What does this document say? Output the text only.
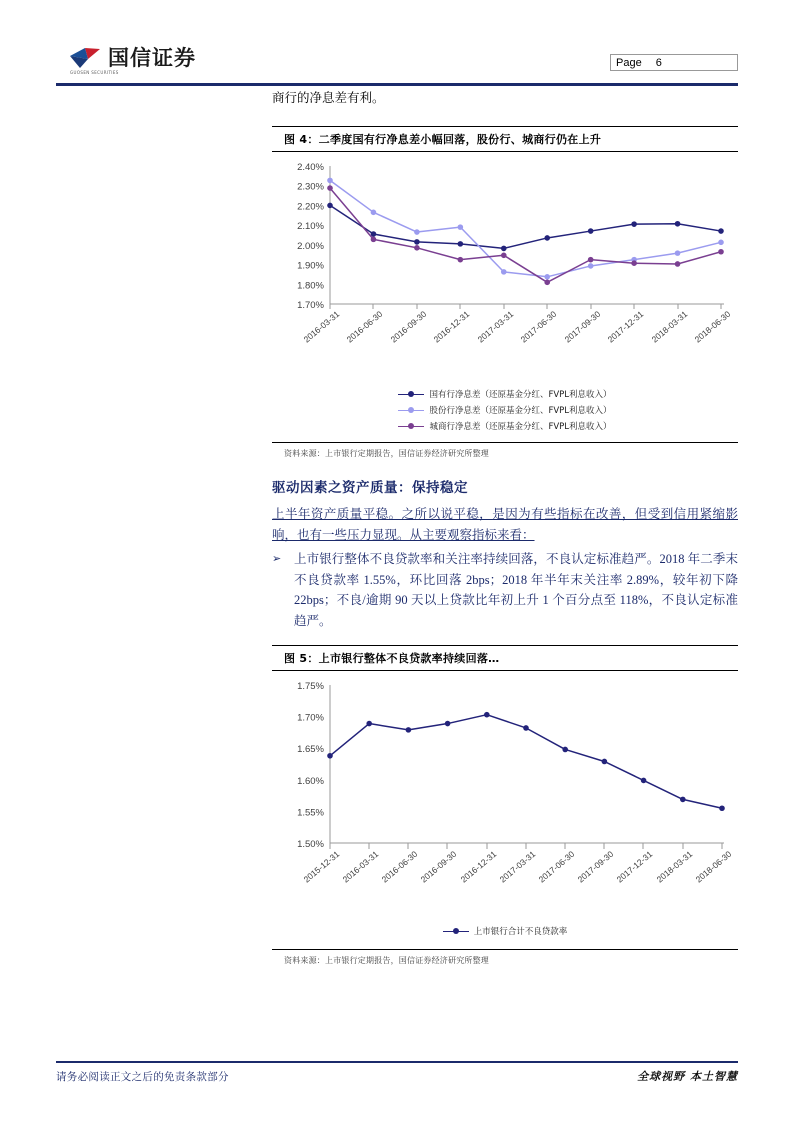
国信证券
GUOSEN SECURITIES
Page 6
商行的净息差有利。
图 4：二季度国有行净息差小幅回落，股份行、城商行仍在上升
2.40%
2.30%
2.20%
2.10%
2.00%
1.90%
1.80%
1.70%
2016-03-31 2016-06-30 2016-09-30 2016-12-31 2017-03-31 2017-06-30 2017-09-30 2017-12-31 2018-03-31 2018-06-30
国有行净息差（还原基金分红、FVPL利息收入）
股份行净息差（还原基金分红、FVPL利息收入）
城商行净息差（还原基金分红、FVPL利息收入）
资料来源：上市银行定期报告，国信证券经济研究所整理
驱动因素之资产质量：保持稳定
上半年资产质量平稳。之所以说平稳，是因为有些指标在改善，但受到信用紧缩影响，也有一些压力显现。从主要观察指标来看：
➢	上市银行整体不良贷款率和关注率持续回落，不良认定标准趋严。2018 年二季末不良贷款率 1.55%，环比回落 2bps；2018 年半年末关注率 2.89%，较年初下降 22bps；不良/逾期 90 天以上贷款比年初上升 1 个百分点至 118%，不良认定标准趋严。
图 5：上市银行整体不良贷款率持续回落…
1.75%
1.70%
1.65%
1.60%
1.55%
1.50%
2015-12-31 2016-03-31 2016-06-30 2016-09-30 2016-12-31 2017-03-31 2017-06-30 2017-09-30 2017-12-31 2018-03-31 2018-06-30
上市银行合计不良贷款率
资料来源：上市银行定期报告，国信证券经济研究所整理
请务必阅读正文之后的免责条款部分	全球视野 本土智慧
